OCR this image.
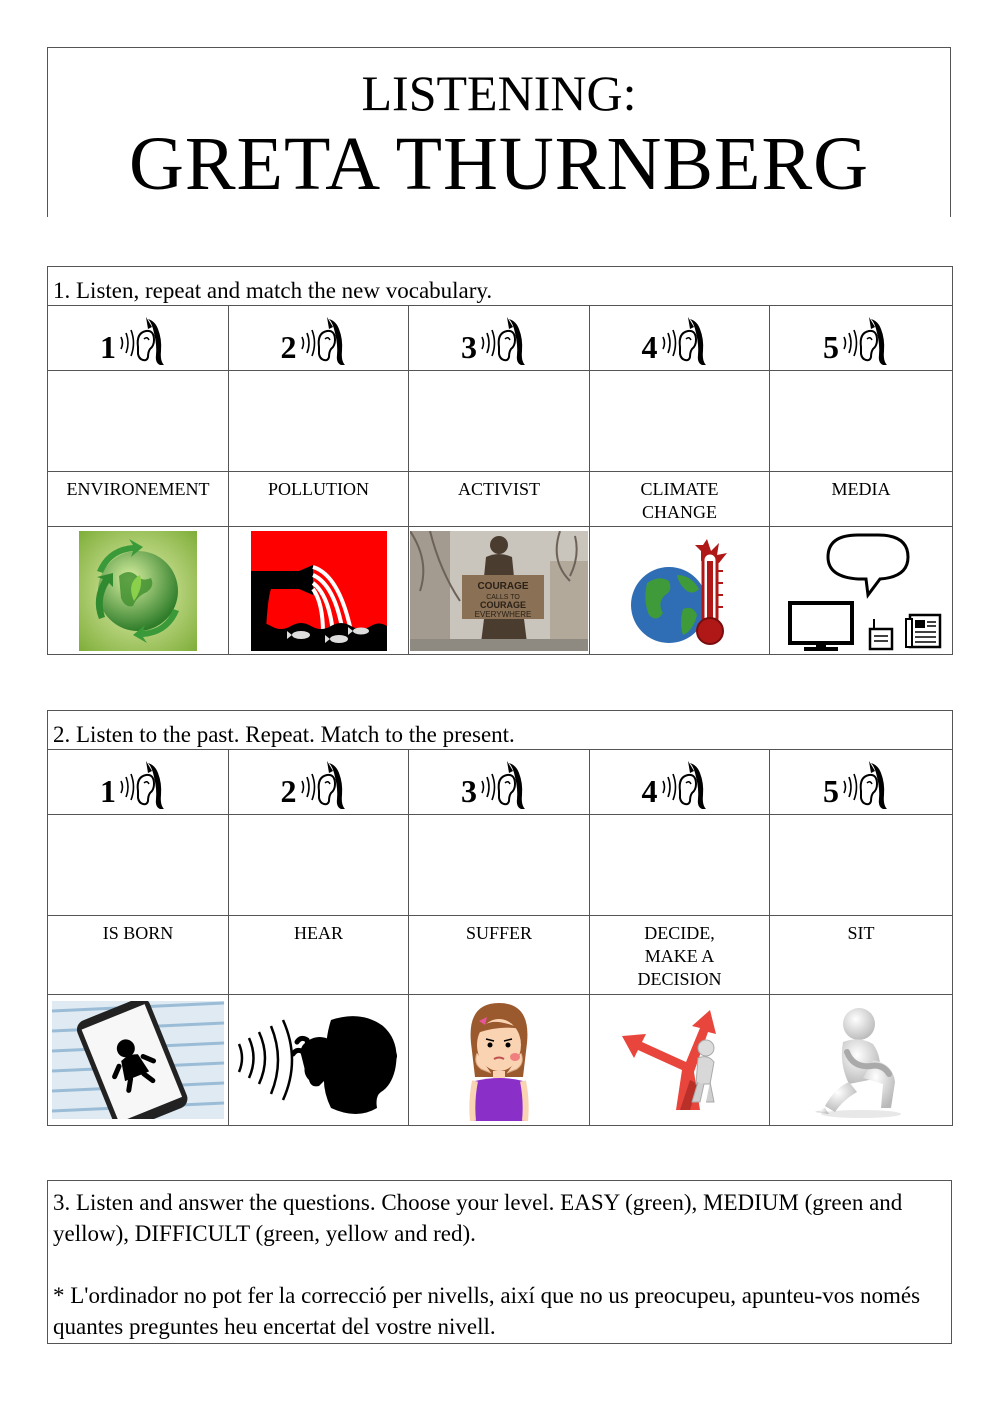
LISTENING:
GRETA THURNBERG
1. Listen, repeat and match the new vocabulary.				

1	2	3	4	5

ENVIRONEMENT	POLLUTION	ACTIVIST	CLIMATE CHANGE	MEDIA

COURAGE
CALLS TO
COURAGE
EVERYWHERE

2. Listen to the past. Repeat. Match to the present.				

1	2	3	4	5

IS BORN	HEAR	SUFFER	DECIDE, MAKE A DECISION	SIT

3. Listen and answer the questions. Choose your level. EASY (green), MEDIUM (green and yellow), DIFFICULT (green, yellow and red).

* L'ordinador no pot fer la correcció per nivells, així que no us preocupeu, apunteu-vos només quantes preguntes heu encertat del vostre nivell.
